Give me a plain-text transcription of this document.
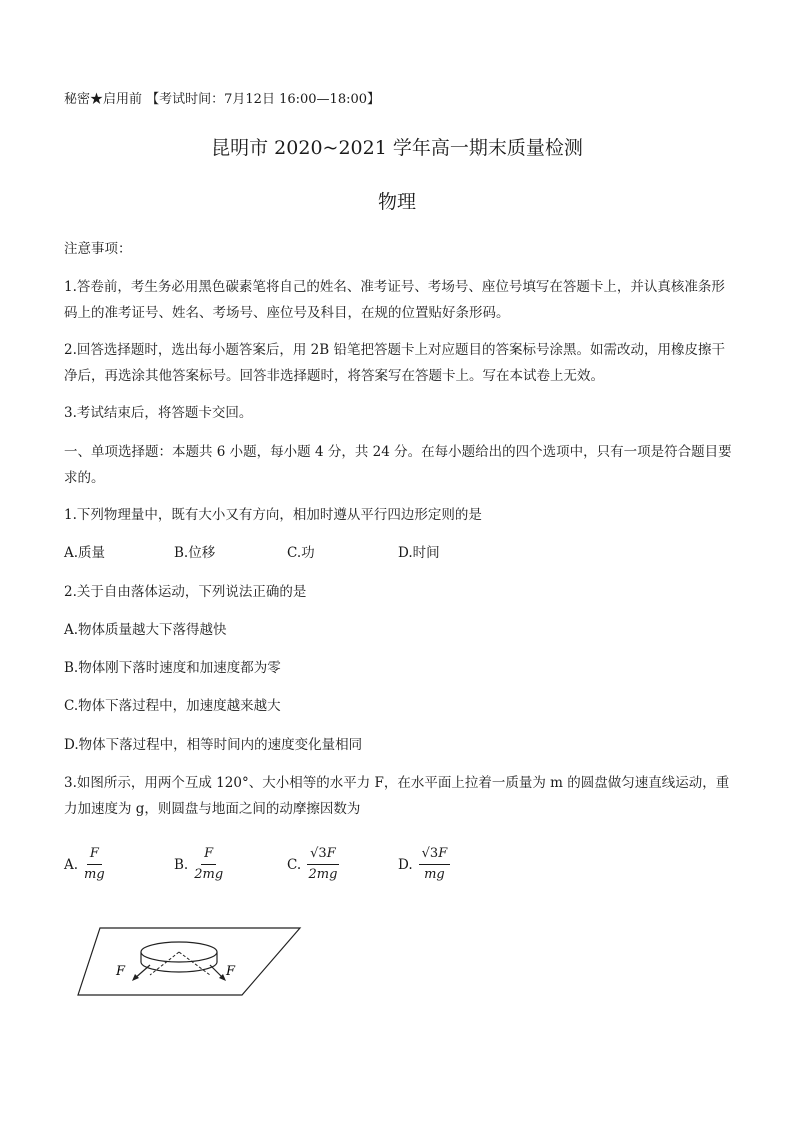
秘密★启用前 【考试时间：7月12日 16:00—18:00】
昆明市 2020~2021 学年高一期末质量检测
物理
注意事项：
1.答卷前，考生务必用黑色碳素笔将自己的姓名、准考证号、考场号、座位号填写在答题卡上，并认真核准条形码上的准考证号、姓名、考场号、座位号及科目，在规的位置贴好条形码。
2.回答选择题时，选出每小题答案后，用 2B 铅笔把答题卡上对应题目的答案标号涂黑。如需改动，用橡皮擦干净后，再选涂其他答案标号。回答非选择题时，将答案写在答题卡上。写在本试卷上无效。
3.考试结束后，将答题卡交回。
一、单项选择题：本题共 6 小题，每小题 4 分，共 24 分。在每小题给出的四个选项中，只有一项是符合题目要求的。
1.下列物理量中，既有大小又有方向，相加时遵从平行四边形定则的是
A.质量	B.位移	C.功	D.时间
2.关于自由落体运动，下列说法正确的是
A.物体质量越大下落得越快
B.物体刚下落时速度和加速度都为零
C.物体下落过程中，加速度越来越大
D.物体下落过程中，相等时间内的速度变化量相同
3.如图所示，用两个互成 120°、大小相等的水平力 F，在水平面上拉着一质量为 m 的圆盘做匀速直线运动，重力加速度为 g，则圆盘与地面之间的动摩擦因数为
A. $\frac{F}{mg}$	B. $\frac{F}{2mg}$	C. $\frac{√3F}{2mg}$	D. $\frac{√3F}{mg}$
F	F
